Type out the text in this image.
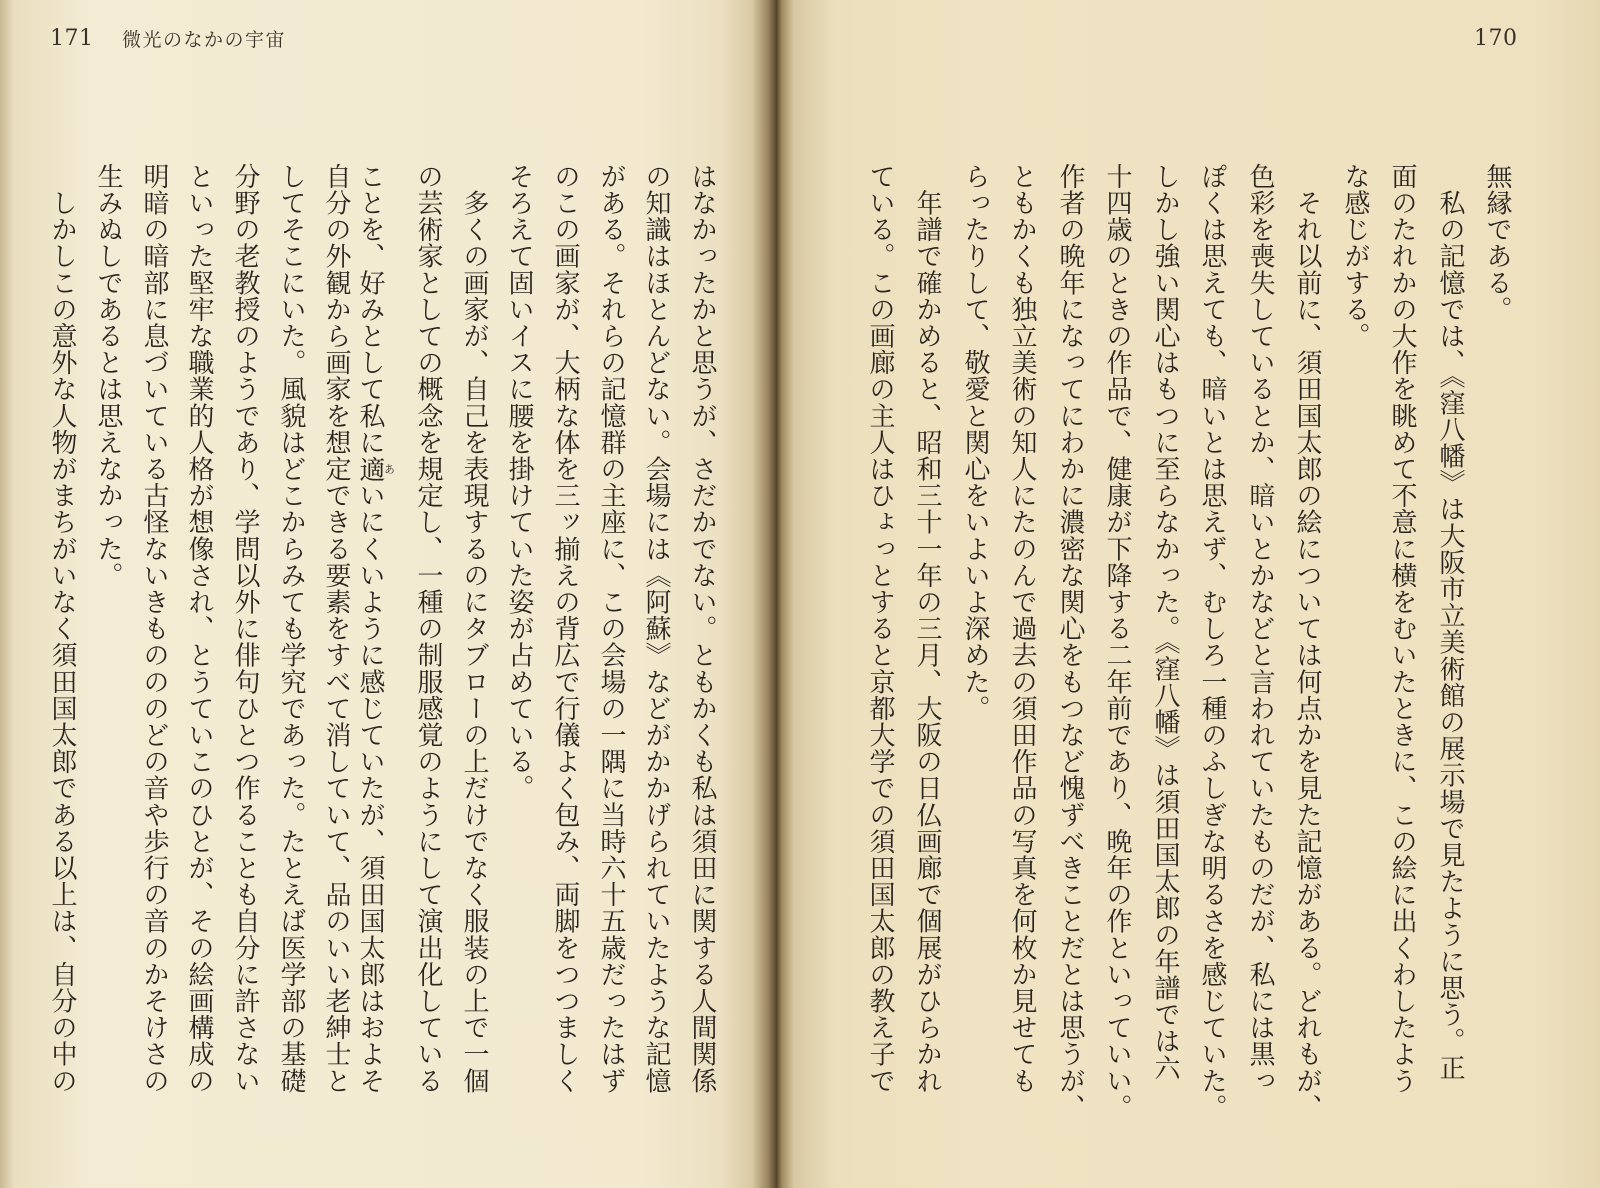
171 微光のなかの宇宙
はなかったかと思うが、さだかでない。ともかくも私は須田に関する人間関係
の知識はほとんどない。会場には《阿蘇》などがかかげられていたような記憶
がある。それらの記憶群の主座に、この会場の一隅に当時六十五歳だったはず
のこの画家が、大柄な体を三ッ揃えの背広で行儀よく包み、両脚をつつましく
そろえて固いイスに腰を掛けていた姿が占めている。
　多くの画家が、自己を表現するのにタブローの上だけでなく服装の上で一個
の芸術家としての概念を規定し、一種の制服感覚のようにして演出化している
ことを、好みとして私に適あいにくいように感じていたが、須田国太郎はおよそ
自分の外観から画家を想定できる要素をすべて消していて、品のいい老紳士と
してそこにいた。風貌はどこからみても学究であった。たとえば医学部の基礎
分野の老教授のようであり、学問以外に俳句ひとつ作ることも自分に許さない
といった堅牢な職業的人格が想像され、とうていこのひとが、その絵画構成の
明暗の暗部に息づいている古怪ないきものののどの音や歩行の音のかそけさの
生みぬしであるとは思えなかった。
　しかしこの意外な人物がまちがいなく須田国太郎である以上は、自分の中の
170
無縁である。
　私の記憶では、《窪八幡》は大阪市立美術館の展示場で見たように思う。正
面のたれかの大作を眺めて不意に横をむいたときに、この絵に出くわしたよう
な感じがする。
　それ以前に、須田国太郎の絵については何点かを見た記憶がある。どれもが、
色彩を喪失しているとか、暗いとかなどと言われていたものだが、私には黒っ
ぽくは思えても、暗いとは思えず、むしろ一種のふしぎな明るさを感じていた。
しかし強い関心はもつに至らなかった。《窪八幡》は須田国太郎の年譜では六
十四歳のときの作品で、健康が下降する二年前であり、晩年の作といっていい。
作者の晩年になってにわかに濃密な関心をもつなど愧ずべきことだとは思うが、
ともかくも独立美術の知人にたのんで過去の須田作品の写真を何枚か見せても
らったりして、敬愛と関心をいよいよ深めた。
　年譜で確かめると、昭和三十一年の三月、大阪の日仏画廊で個展がひらかれ
ている。この画廊の主人はひょっとすると京都大学での須田国太郎の教え子で
